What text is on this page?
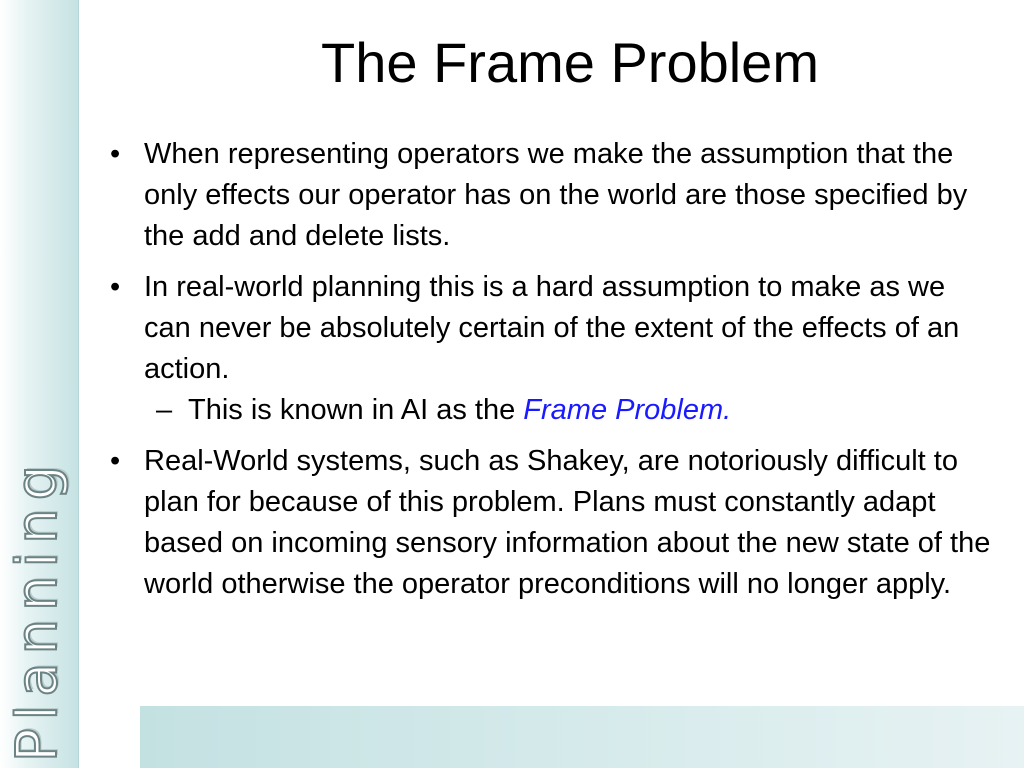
Planning
The Frame Problem
• When representing operators we make the assumption that the only effects our operator has on the world are those specified by the add and delete lists.
• In real-world planning this is a hard assumption to make as we can never be absolutely certain of the extent of the effects of an action.
– This is known in AI as the Frame Problem.
• Real-World systems, such as Shakey, are notoriously difficult to plan for because of this problem. Plans must constantly adapt based on incoming sensory information about the new state of the world otherwise the operator preconditions will no longer apply.
